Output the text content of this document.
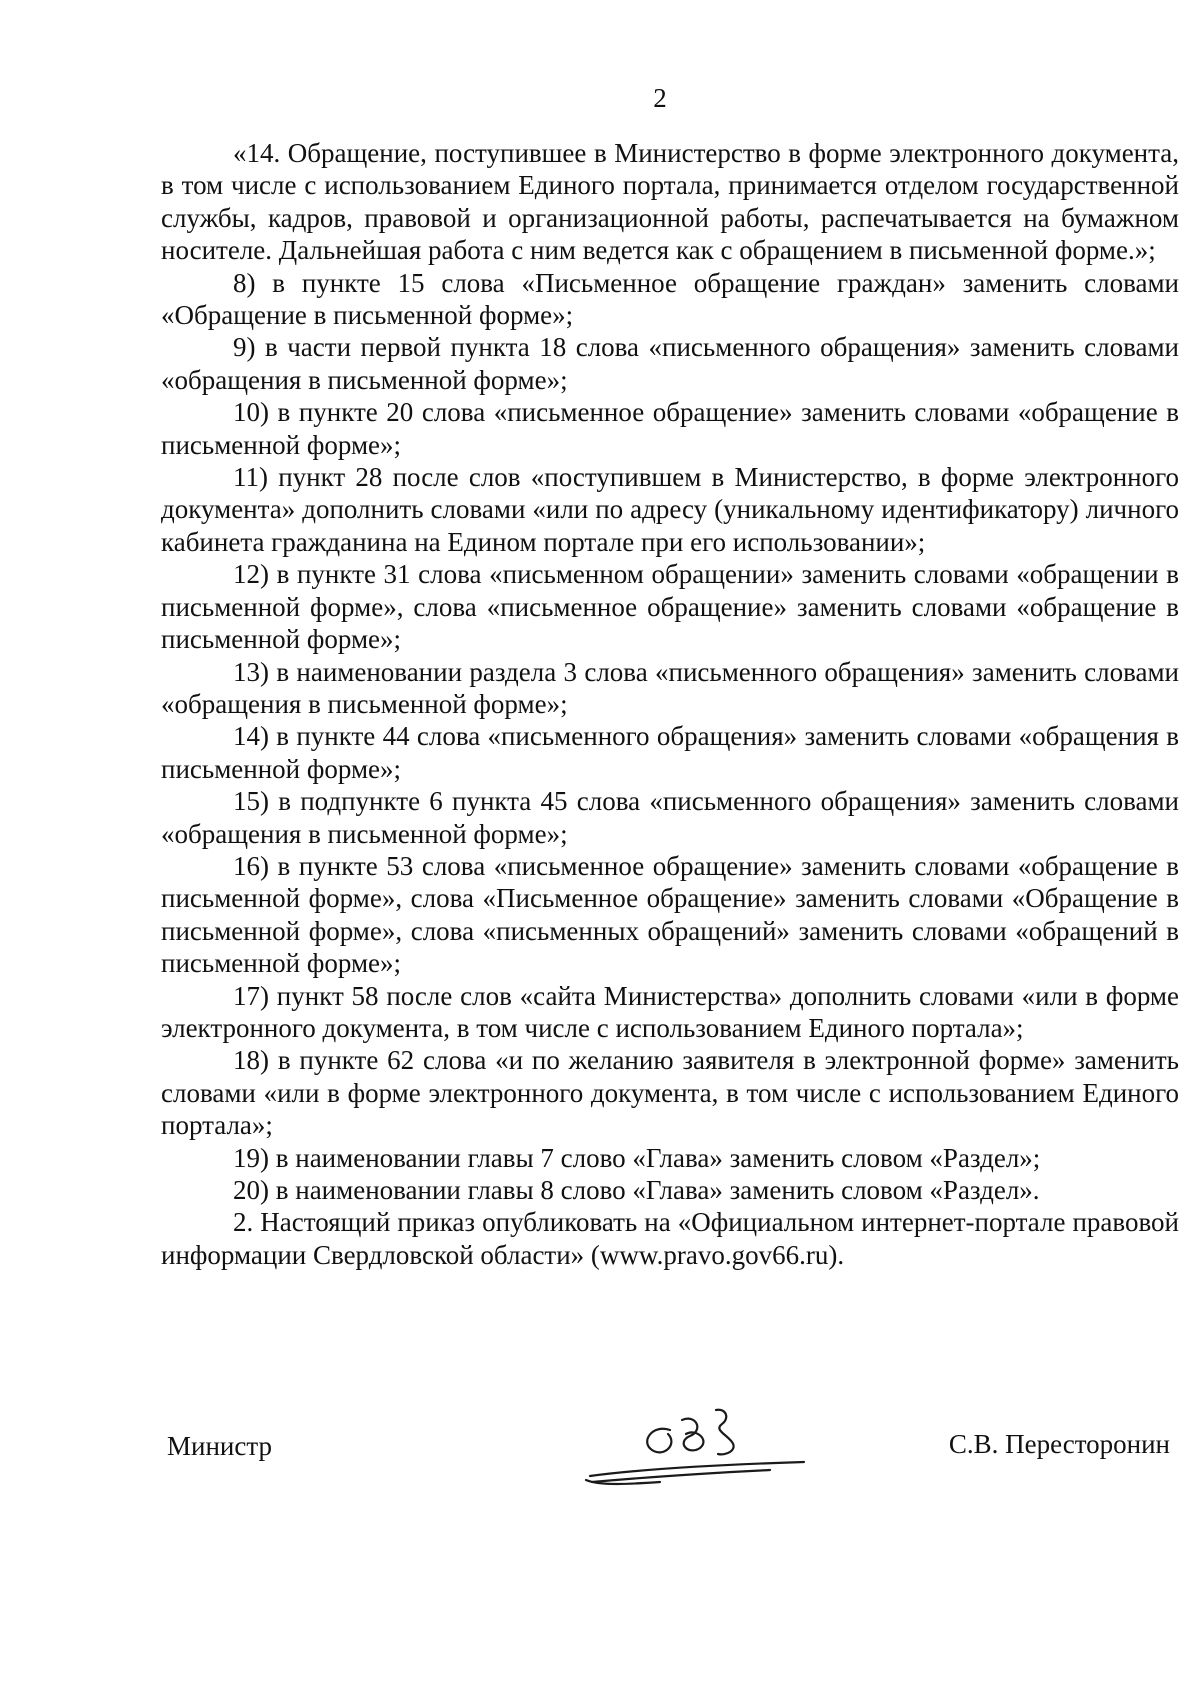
2

«14. Обращение, поступившее в Министерство в форме электронного документа, в том числе с использованием Единого портала, принимается отделом государственной службы, кадров, правовой и организационной работы, распечатывается на бумажном носителе. Дальнейшая работа с ним ведется как с обращением в письменной форме.»;

8) в пункте 15 слова «Письменное обращение граждан» заменить словами «Обращение в письменной форме»;

9) в части первой пункта 18 слова «письменного обращения» заменить словами «обращения в письменной форме»;

10) в пункте 20 слова «письменное обращение» заменить словами «обращение в письменной форме»;

11) пункт 28 после слов «поступившем в Министерство, в форме электронного документа» дополнить словами «или по адресу (уникальному идентификатору) личного кабинета гражданина на Едином портале при его использовании»;

12) в пункте 31 слова «письменном обращении» заменить словами «обращении в письменной форме», слова «письменное обращение» заменить словами «обращение в письменной форме»;

13) в наименовании раздела 3 слова «письменного обращения» заменить словами «обращения в письменной форме»;

14) в пункте 44 слова «письменного обращения» заменить словами «обращения в письменной форме»;

15) в подпункте 6 пункта 45 слова «письменного обращения» заменить словами «обращения в письменной форме»;

16) в пункте 53 слова «письменное обращение» заменить словами «обращение в письменной форме», слова «Письменное обращение» заменить словами «Обращение в письменной форме», слова «письменных обращений» заменить словами «обращений в письменной форме»;

17) пункт 58 после слов «сайта Министерства» дополнить словами «или в форме электронного документа, в том числе с использованием Единого портала»;

18) в пункте 62 слова «и по желанию заявителя в электронной форме» заменить словами «или в форме электронного документа, в том числе с использованием Единого портала»;

19) в наименовании главы 7 слово «Глава» заменить словом «Раздел»;

20) в наименовании главы 8 слово «Глава» заменить словом «Раздел».

2. Настоящий приказ опубликовать на «Официальном интернет-портале правовой информации Свердловской области» (www.pravo.gov66.ru).

Министр	С.В. Пересторонин
